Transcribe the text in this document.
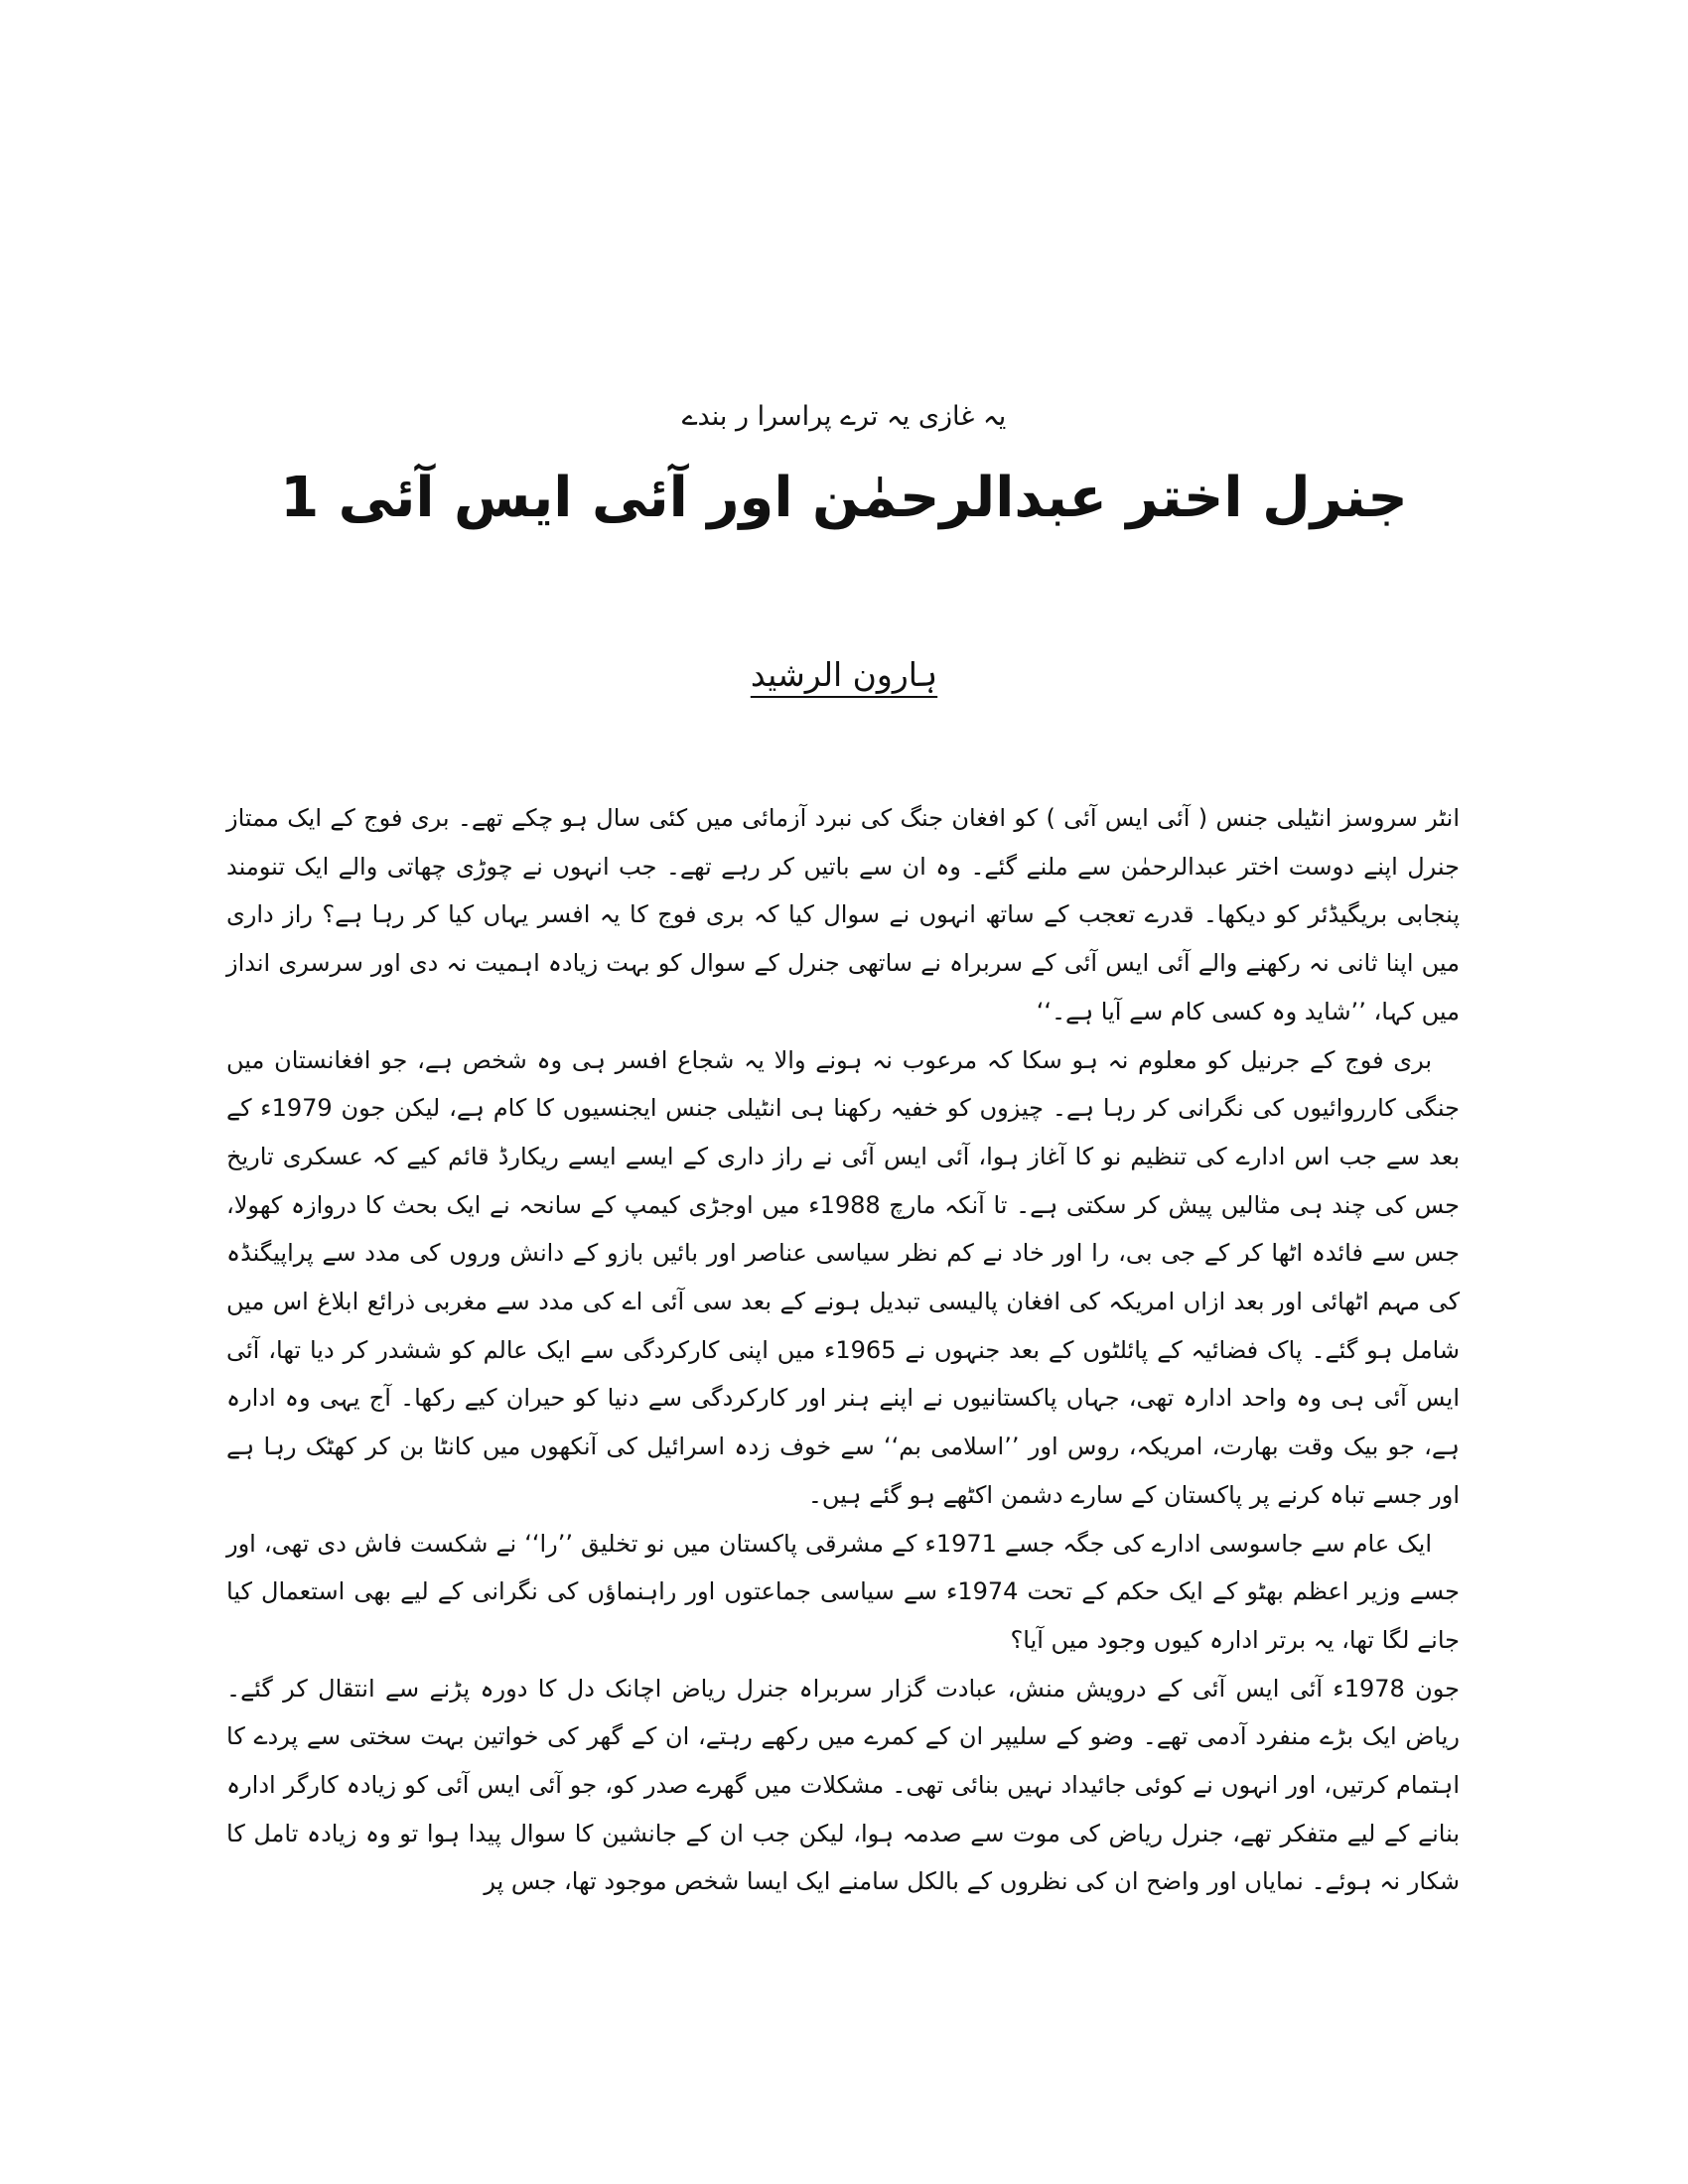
یہ غازی یہ ترے پراسرا ر بندے
جنرل اختر عبدالرحمٰن اور آئی ایس آئی 1
ہارون الرشید

انٹر سروسز انٹیلی جنس ( آئی ایس آئی ) کو افغان جنگ کی نبرد آزمائی میں کئی سال ہو چکے تھے۔ بری فوج کے ایک ممتاز جنرل اپنے دوست اختر عبدالرحمٰن سے ملنے گئے۔ وہ ان سے باتیں کر رہے تھے۔ جب انہوں نے چوڑی چھاتی والے ایک تنومند پنجابی بریگیڈئر کو دیکھا۔ قدرے تعجب کے ساتھ انہوں نے سوال کیا کہ بری فوج کا یہ افسر یہاں کیا کر رہا ہے؟ راز داری میں اپنا ثانی نہ رکھنے والے آئی ایس آئی کے سربراہ نے ساتھی جنرل کے سوال کو بہت زیادہ اہمیت نہ دی اور سرسری انداز میں کہا، ’’شاید وہ کسی کام سے آیا ہے۔‘‘

بری فوج کے جرنیل کو معلوم نہ ہو سکا کہ مرعوب نہ ہونے والا یہ شجاع افسر ہی وہ شخص ہے، جو افغانستان میں جنگی کارروائیوں کی نگرانی کر رہا ہے۔ چیزوں کو خفیہ رکھنا ہی انٹیلی جنس ایجنسیوں کا کام ہے، لیکن جون 1979ء کے بعد سے جب اس ادارے کی تنظیم نو کا آغاز ہوا، آئی ایس آئی نے راز داری کے ایسے ایسے ریکارڈ قائم کیے کہ عسکری تاریخ جس کی چند ہی مثالیں پیش کر سکتی ہے۔ تا آنکہ مارچ 1988ء میں اوجڑی کیمپ کے سانحہ نے ایک بحث کا دروازہ کھولا، جس سے فائدہ اٹھا کر کے جی بی، را اور خاد نے کم نظر سیاسی عناصر اور بائیں بازو کے دانش وروں کی مدد سے پراپیگنڈہ کی مہم اٹھائی اور بعد ازاں امریکہ کی افغان پالیسی تبدیل ہونے کے بعد سی آئی اے کی مدد سے مغربی ذرائع ابلاغ اس میں شامل ہو گئے۔ پاک فضائیہ کے پائلٹوں کے بعد جنہوں نے 1965ء میں اپنی کارکردگی سے ایک عالم کو ششدر کر دیا تھا، آئی ایس آئی ہی وہ واحد ادارہ تھی، جہاں پاکستانیوں نے اپنے ہنر اور کارکردگی سے دنیا کو حیران کیے رکھا۔ آج یہی وہ ادارہ ہے، جو بیک وقت بھارت، امریکہ، روس اور ’’اسلامی بم‘‘ سے خوف زدہ اسرائیل کی آنکھوں میں کانٹا بن کر کھٹک رہا ہے اور جسے تباہ کرنے پر پاکستان کے سارے دشمن اکٹھے ہو گئے ہیں۔

ایک عام سے جاسوسی ادارے کی جگہ جسے 1971ء کے مشرقی پاکستان میں نو تخلیق ’’را‘‘ نے شکست فاش دی تھی، اور جسے وزیر اعظم بھٹو کے ایک حکم کے تحت 1974ء سے سیاسی جماعتوں اور راہنماؤں کی نگرانی کے لیے بھی استعمال کیا جانے لگا تھا، یہ برتر ادارہ کیوں وجود میں آیا؟

جون 1978ء آئی ایس آئی کے درویش منش، عبادت گزار سربراہ جنرل ریاض اچانک دل کا دورہ پڑنے سے انتقال کر گئے۔ ریاض ایک بڑے منفرد آدمی تھے۔ وضو کے سلیپر ان کے کمرے میں رکھے رہتے، ان کے گھر کی خواتین بہت سختی سے پردے کا اہتمام کرتیں، اور انہوں نے کوئی جائیداد نہیں بنائی تھی۔ مشکلات میں گھرے صدر کو، جو آئی ایس آئی کو زیادہ کارگر ادارہ بنانے کے لیے متفکر تھے، جنرل ریاض کی موت سے صدمہ ہوا، لیکن جب ان کے جانشین کا سوال پیدا ہوا تو وہ زیادہ تامل کا شکار نہ ہوئے۔ نمایاں اور واضح ان کی نظروں کے بالکل سامنے ایک ایسا شخص موجود تھا، جس پر
